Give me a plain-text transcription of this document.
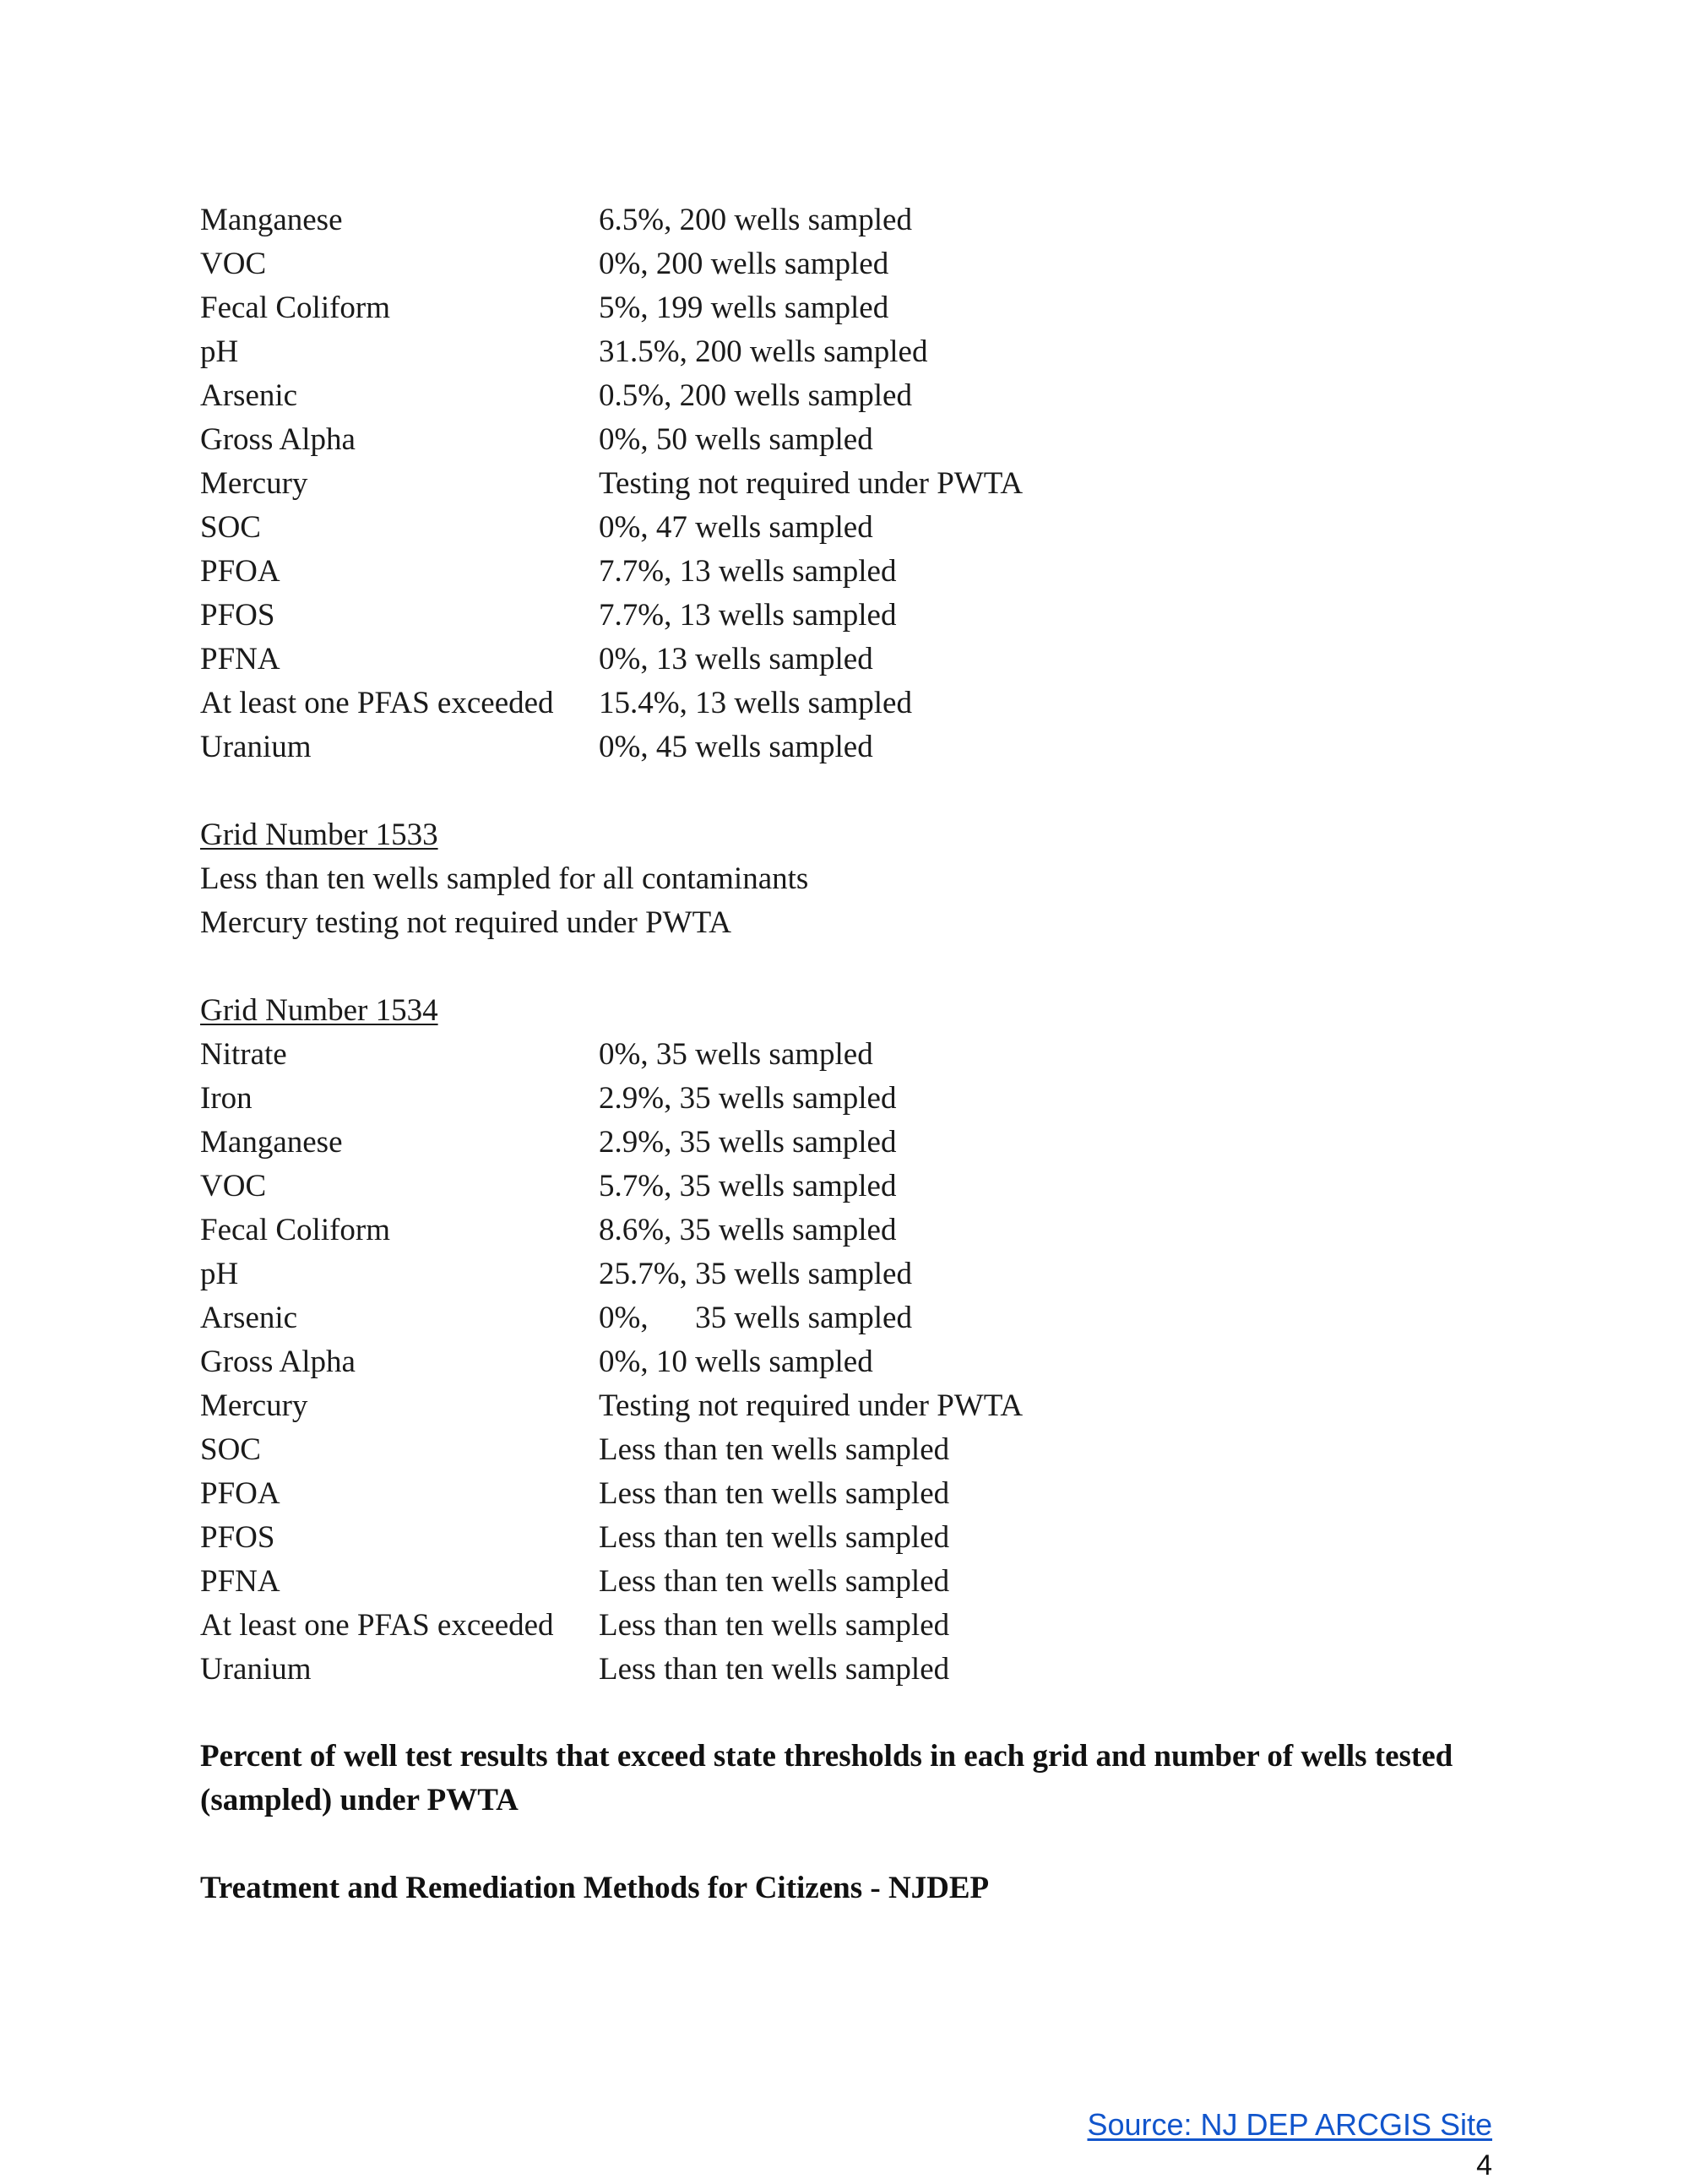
Manganese	6.5%, 200 wells sampled
VOC	0%, 200 wells sampled
Fecal Coliform	5%, 199 wells sampled
pH	31.5%, 200 wells sampled
Arsenic	0.5%, 200 wells sampled
Gross Alpha	0%, 50 wells sampled
Mercury	Testing not required under PWTA
SOC	0%, 47 wells sampled
PFOA	7.7%, 13 wells sampled
PFOS	7.7%, 13 wells sampled
PFNA	0%, 13 wells sampled
At least one PFAS exceeded	15.4%, 13 wells sampled
Uranium	0%, 45 wells sampled
Grid Number 1533
Less than ten wells sampled for all contaminants
Mercury testing not required under PWTA
Grid Number 1534
Nitrate	0%, 35 wells sampled
Iron	2.9%, 35 wells sampled
Manganese	2.9%, 35 wells sampled
VOC	5.7%, 35 wells sampled
Fecal Coliform	8.6%, 35 wells sampled
pH	25.7%, 35 wells sampled
Arsenic	0%,      35 wells sampled
Gross Alpha	0%, 10 wells sampled
Mercury	Testing not required under PWTA
SOC	Less than ten wells sampled
PFOA	Less than ten wells sampled
PFOS	Less than ten wells sampled
PFNA	Less than ten wells sampled
At least one PFAS exceeded	Less than ten wells sampled
Uranium	Less than ten wells sampled
Percent of well test results that exceed state thresholds in each grid and number of wells tested (sampled) under PWTA
Treatment and Remediation Methods for Citizens - NJDEP
Source: NJ DEP ARCGIS Site
4
